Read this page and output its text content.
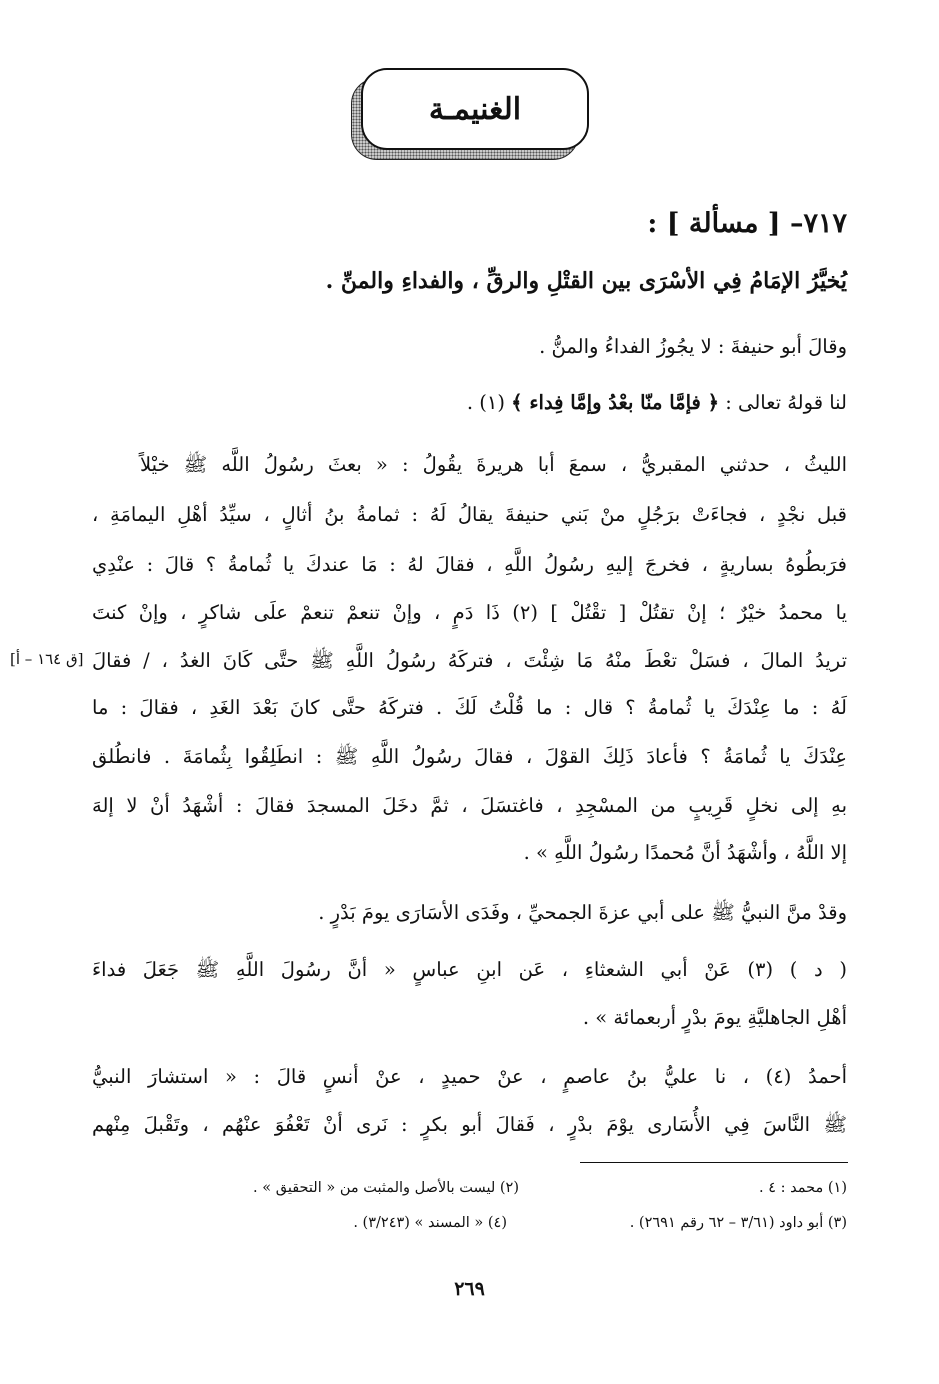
الغنيمـة
٧١٧– [ مسألة ] :
يُخيَّرُ الإمَامُ فِي الأسْرَى بين القتْلِ والرقِّ ، والفداءِ والمنِّ .
وقالَ أبو حنيفةَ : لا يجُوزُ الفداءُ والمنُّ .
لنا قولهُ تعالى : ﴿ فإمَّا منّا بعْدُ وإمَّا فِداء ﴾ (١) .
الليثُ ، حدثني المقبريُّ ، سمعَ أبا هريرةَ يقُولُ : « بعثَ رسُولُ اللَّه ﷺ خيْلاً
قبل نجْدٍ ، فجاءَتْ برَجُلٍ منْ بَني حنيفةَ يقالُ لَهُ : ثمامةُ بنُ أثالٍ ، سيِّدُ أهْلِ اليمامَةِ ،
فرَبطُوهُ بساريةٍ ، فخرجَ إليهِ رسُولُ اللَّهِ ، فقالَ لهُ : مَا عندكَ يا ثُمامةُ ؟ قالَ : عنْدِي
يا محمدُ خيْرٌ ؛ إنْ تقتُلْ [ تقْتُلْ ] (٢) ذَا دَمٍ ، وإنْ تنعمْ تنعمْ علَى شاكرٍ ، وإنْ كنتَ
تريدُ المالَ ، فسَلْ تعْطَ منْهُ مَا شِئْتَ ، فتركَهُ رسُولُ اللَّهِ ﷺ حتَّى كَانَ الغدُ ، / فقالَ
[ق ١٦٤ – أ]
لَهُ : ما عِنْدَكَ يا ثُمامةُ ؟ قال : ما قُلْتُ لَكَ . فتركَهُ حتَّى كانَ بَعْدَ الغَدِ ، فقالَ : ما
عِنْدَكَ يا ثُمامَةُ ؟ فأعادَ ذَلِكَ القوْلَ ، فقالَ رسُولُ اللَّهِ ﷺ : انطَلِقُوا بِثُمامَةَ . فانطُلق
بهِ إلى نخلٍ قَرِيبٍ من المسْجِدِ ، فاغتسَلَ ، ثمَّ دخَلَ المسجدَ فقالَ : أشْهَدُ أنْ لا إلهَ
إلا اللَّهُ ، وأشْهَدُ أنَّ مُحمدًا رسُولُ اللَّهِ » .
وقدْ منَّ النبيُّ ﷺ على أبي عزةَ الجمحيِّ ، وفَدَى الأسَارَى يومَ بَدْرٍ .
( د ) (٣) عَنْ أبي الشعثاءِ ، عَن ابنِ عباسٍ « أنَّ رسُولَ اللَّهِ ﷺ جَعَلَ فداءَ
أهْلِ الجاهليَّةِ يومَ بدْرٍ أربعمائة » .
أحمدُ (٤) ، نا عليُّ بنُ عاصمٍ ، عنْ حميدٍ ، عنْ أنسٍ قالَ : « استشارَ النبيُّ
ﷺ النَّاسَ فِي الأُسَارى يوْمَ بدْرٍ ، فَقالَ أبو بكرٍ : نَرى أنْ تَعْفُوَ عنْهُم ، وتَقْبلَ مِنْهم
(١) محمد : ٤ .
(٢) ليست بالأصل والمثبت من « التحقيق » .
(٣) أبو داود (٣/٦١ – ٦٢ رقم ٢٦٩١) .
(٤) « المسند » (٣/٢٤٣) .
٢٦٩
